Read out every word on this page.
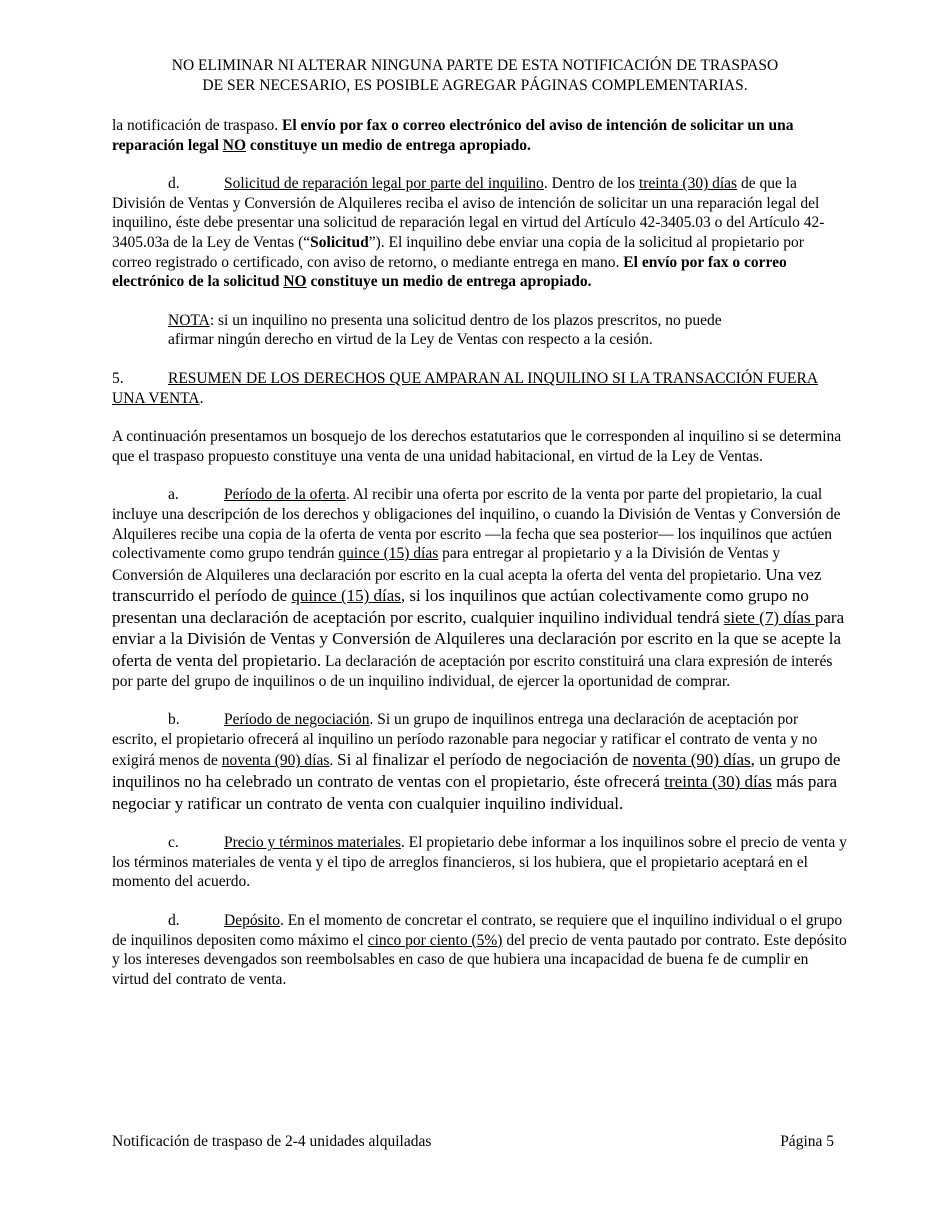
NO ELIMINAR NI ALTERAR NINGUNA PARTE DE ESTA NOTIFICACIÓN DE TRASPASO
DE SER NECESARIO, ES POSIBLE AGREGAR PÁGINAS COMPLEMENTARIAS.

la notificación de traspaso. El envío por fax o correo electrónico del aviso de intención de solicitar un una reparación legal NO constituye un medio de entrega apropiado.

d.	Solicitud de reparación legal por parte del inquilino. Dentro de los treinta (30) días de que la División de Ventas y Conversión de Alquileres reciba el aviso de intención de solicitar un una reparación legal del inquilino, éste debe presentar una solicitud de reparación legal en virtud del Artículo 42-3405.03 o del Artículo 42-3405.03a de la Ley de Ventas (“Solicitud”). El inquilino debe enviar una copia de la solicitud al propietario por correo registrado o certificado, con aviso de retorno, o mediante entrega en mano. El envío por fax o correo electrónico de la solicitud NO constituye un medio de entrega apropiado.

NOTA: si un inquilino no presenta una solicitud dentro de los plazos prescritos, no puede afirmar ningún derecho en virtud de la Ley de Ventas con respecto a la cesión.

5.	RESUMEN DE LOS DERECHOS QUE AMPARAN AL INQUILINO SI LA TRANSACCIÓN FUERA UNA VENTA.

A continuación presentamos un bosquejo de los derechos estatutarios que le corresponden al inquilino si se determina que el traspaso propuesto constituye una venta de una unidad habitacional, en virtud de la Ley de Ventas.

a.	Período de la oferta. Al recibir una oferta por escrito de la venta por parte del propietario, la cual incluye una descripción de los derechos y obligaciones del inquilino, o cuando la División de Ventas y Conversión de Alquileres recibe una copia de la oferta de venta por escrito —la fecha que sea posterior— los inquilinos que actúen colectivamente como grupo tendrán quince (15) días para entregar al propietario y a la División de Ventas y Conversión de Alquileres una declaración por escrito en la cual acepta la oferta del venta del propietario. Una vez transcurrido el período de quince (15) días, si los inquilinos que actúan colectivamente como grupo no presentan una declaración de aceptación por escrito, cualquier inquilino individual tendrá siete (7) días para enviar a la División de Ventas y Conversión de Alquileres una declaración por escrito en la que se acepte la oferta de venta del propietario. La declaración de aceptación por escrito constituirá una clara expresión de interés por parte del grupo de inquilinos o de un inquilino individual, de ejercer la oportunidad de comprar.

b.	Período de negociación. Si un grupo de inquilinos entrega una declaración de aceptación por escrito, el propietario ofrecerá al inquilino un período razonable para negociar y ratificar el contrato de venta y no exigirá menos de noventa (90) días. Si al finalizar el período de negociación de noventa (90) días, un grupo de inquilinos no ha celebrado un contrato de ventas con el propietario, éste ofrecerá treinta (30) días más para negociar y ratificar un contrato de venta con cualquier inquilino individual.

c.	Precio y términos materiales. El propietario debe informar a los inquilinos sobre el precio de venta y los términos materiales de venta y el tipo de arreglos financieros, si los hubiera, que el propietario aceptará en el momento del acuerdo.

d.	Depósito. En el momento de concretar el contrato, se requiere que el inquilino individual o el grupo de inquilinos depositen como máximo el cinco por ciento (5%) del precio de venta pautado por contrato. Este depósito y los intereses devengados son reembolsables en caso de que hubiera una incapacidad de buena fe de cumplir en virtud del contrato de venta.

Notificación de traspaso de 2-4 unidades alquiladas	Página 5
